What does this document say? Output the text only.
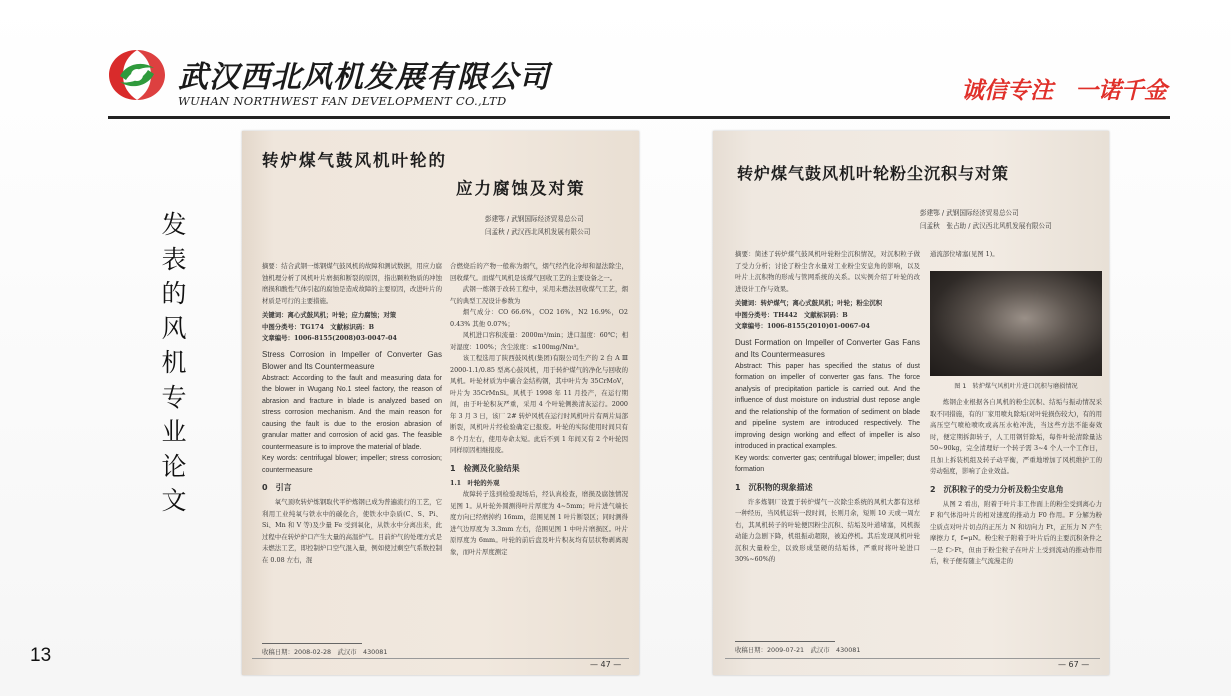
武汉西北风机发展有限公司
WUHAN NORTHWEST FAN DEVELOPMENT CO.,LTD	诚信专注 一诺千金
发
表
的
风
机
专
业
论
文
13
转炉煤气鼓风机叶轮的
应力腐蚀及对策
彭建鄂 / 武钢国际经济贸易总公司
闫孟秋 / 武汉西北风机发展有限公司

摘要：结合武钢一炼钢煤气鼓风机的故障和测试数据，用应力腐蚀机理分析了风机叶片磨损和断裂的原因，指出颗粒物质的冲蚀磨损和酸性气体引起的腐蚀是造成故障的主要原因，改进叶片的材质是可行的主要措施。

关键词：离心式鼓风机；叶轮；应力腐蚀；对策

中图分类号：TG174　 文献标识码：B

文章编号：1006-8155(2008)03-0047-04

Stress Corrosion in Impeller of Converter Gas Blower and Its Countermeasure

Abstract: According to the fault and measuring data for the blower in Wugang No.1 steel factory, the reason of abrasion and fracture in blade is analyzed based on stress corrosion mechanism. And the main reason for causing the fault is due to the erosion abrasion of granular matter and corrosion of acid gas. The feasible countermeasure is to improve the material of blade.

Key words: centrifugal blower; impeller; stress corrosion; countermeasure

0　引言

氧气顶吹转炉炼钢取代平炉炼钢已成为普遍流行的工艺，它利用工业纯氧与铁水中的碳化合，使铁水中杂质(C、S、Pi、Si、Mn 和 V 等)及少量 Fe 受到氧化，从铁水中分离出来，此过程中在转炉炉口产生大量的高温炉气。目前炉气的处理方式是未燃法工艺，即控制炉口空气混入量，例如使过剩空气系数控制在 0.08 左右，混

收稿日期：2008-02-28　武汉市　430081

合燃烧后的产物一般称为烟气，烟气经汽化冷却和湿法除尘，回收煤气。而煤气风机是该煤气回收工艺的主要设备之一。

武钢一炼钢于改转工程中，采用未燃法回收煤气工艺，烟气的典型工况设计参数为

烟气成分：CO 66.6%，CO2 16%，N2 16.9%，O2 0.43% 其他 0.07%；

风机进口容积流量：2000m³/min；进口温度：60℃；相对湿度：100%；含尘浓度：≤100mg/Nm³。

该工程选用了陕西鼓风机(集团)有限公司生产的 2 台 A Ⅲ 2000-1.1/0.85 型离心鼓风机，用于转炉煤气的净化与回收的风机。叶轮材质为中碳合金结构钢，其中叶片为 35CrMoV，叶片为 35CrMnSi。风机于 1998 年 11 月投产，在运行期间，由于叶轮积灰严重，采用 4 个叶轮侧换清灰运行。2000 年 3 月 3 日，该厂 2# 转炉风机在运行时风机叶片有两片局部断裂，风机叶片经检验确定已报废。叶轮的实际使用时间只有 8 个月左右，使用寿命太短。此后不到 1 年间又有 2 个叶轮因同样原因相继报废。

1　检测及化验结果

1.1　叶轮的外观

故障转子选到检验现场后，经认真检查，磨损及腐蚀情况见图 1。从叶轮外圆测得叶片厚度为 4~5mm；叶片进气端长度方向已经磨掉约 16mm，范围见图 1 叶片断裂区；同时测得进气边厚度为 3.3mm 左右，范围见图 1 中叶片磨损区。叶片原厚度为 6mm。叶轮的前后盘及叶片积灰均有层状物剥离现象，而叶片厚度测定

— 47 —
转炉煤气鼓风机叶轮粉尘沉积与对策
彭建鄂 / 武钢国际经济贸易总公司
闫孟秋　张占助 / 武汉西北风机发展有限公司

摘要：简述了转炉煤气鼓风机叶轮粉尘沉积情况，对沉积粒子做了受力分析；讨论了粉尘含水量对工业粉尘安息角的影响，以及叶片上沉积物的形成与管网系统的关系。以实例介绍了叶轮的改进设计工作与效果。

关键词：转炉煤气；离心式鼓风机；叶轮；粉尘沉积

中图分类号：TH442　 文献标识码：B

文章编号：1006-8155(2010)01-0067-04

Dust Formation on Impeller of Converter Gas Fans and Its Countermeasures

Abstract: This paper has specified the status of dust formation on impeller of converter gas fans. The force analysis of precipitation particle is carried out. And the influence of dust moisture on industrial dust repose angle and the relationship of the formation of sediment on blade and pipeline system are introduced respectively. The improving design working and effect of impeller is also introduced in practical examples.

Key words: converter gas; centrifugal blower; impeller; dust formation

1　沉积物的现象描述

许多炼钢厂设置于转炉煤气一次除尘系统的风机大都有这样一种经历，当风机运转一段时间，长则月余，短则 10 天或一周左右，其风机转子的叶轮便因粉尘沉积、结垢及叶道堵塞，风机振动能力急剧下降，机组振动超限，被迫停机。其后发现风机叶轮沉积大量粉尘，以致形成坚硬的结垢体，严重时将叶轮进口 30%~60%的

收稿日期：2009-07-21　武汉市　430081

通流部位堵塞(见图 1)。

图 1　转炉煤气风机叶片进口沉积与磨损情况

炼钢企业根据各自风机的粉尘沉积、结垢与振动情况采取不同措施，有的厂家用喷丸除垢(对叶轮损伤较大)，有的用高压空气喷枪喷吹或高压水枪冲洗，当这些方法不能奏效时，便定期拆卸转子，人工用钢钎除垢，每件叶轮清除量达 50~90kg，完全清理好一个转子需 3~4 个人一个工作日，且加上拆装机组及转子动平衡，严重地增加了风机维护工的劳动强度，影响了企业效益。

2　沉积粒子的受力分析及粉尘安息角

从图 2 看出，附着于叶片非工作面上的粉尘受到离心力 F 和气体沿叶片的相对速度的推动力 F0 作用。F 分解为粉尘质点对叶片切点的正压力 N 和切向力 Ft，正压力 N 产生摩擦力 f，f=μN。粉尘粒子附着于叶片后的主要沉积条件之一是 f＞Ft，但由于粉尘粒子在叶片上受到流动的推动作用后，粒子便有随主气流漫走的

— 67 —
